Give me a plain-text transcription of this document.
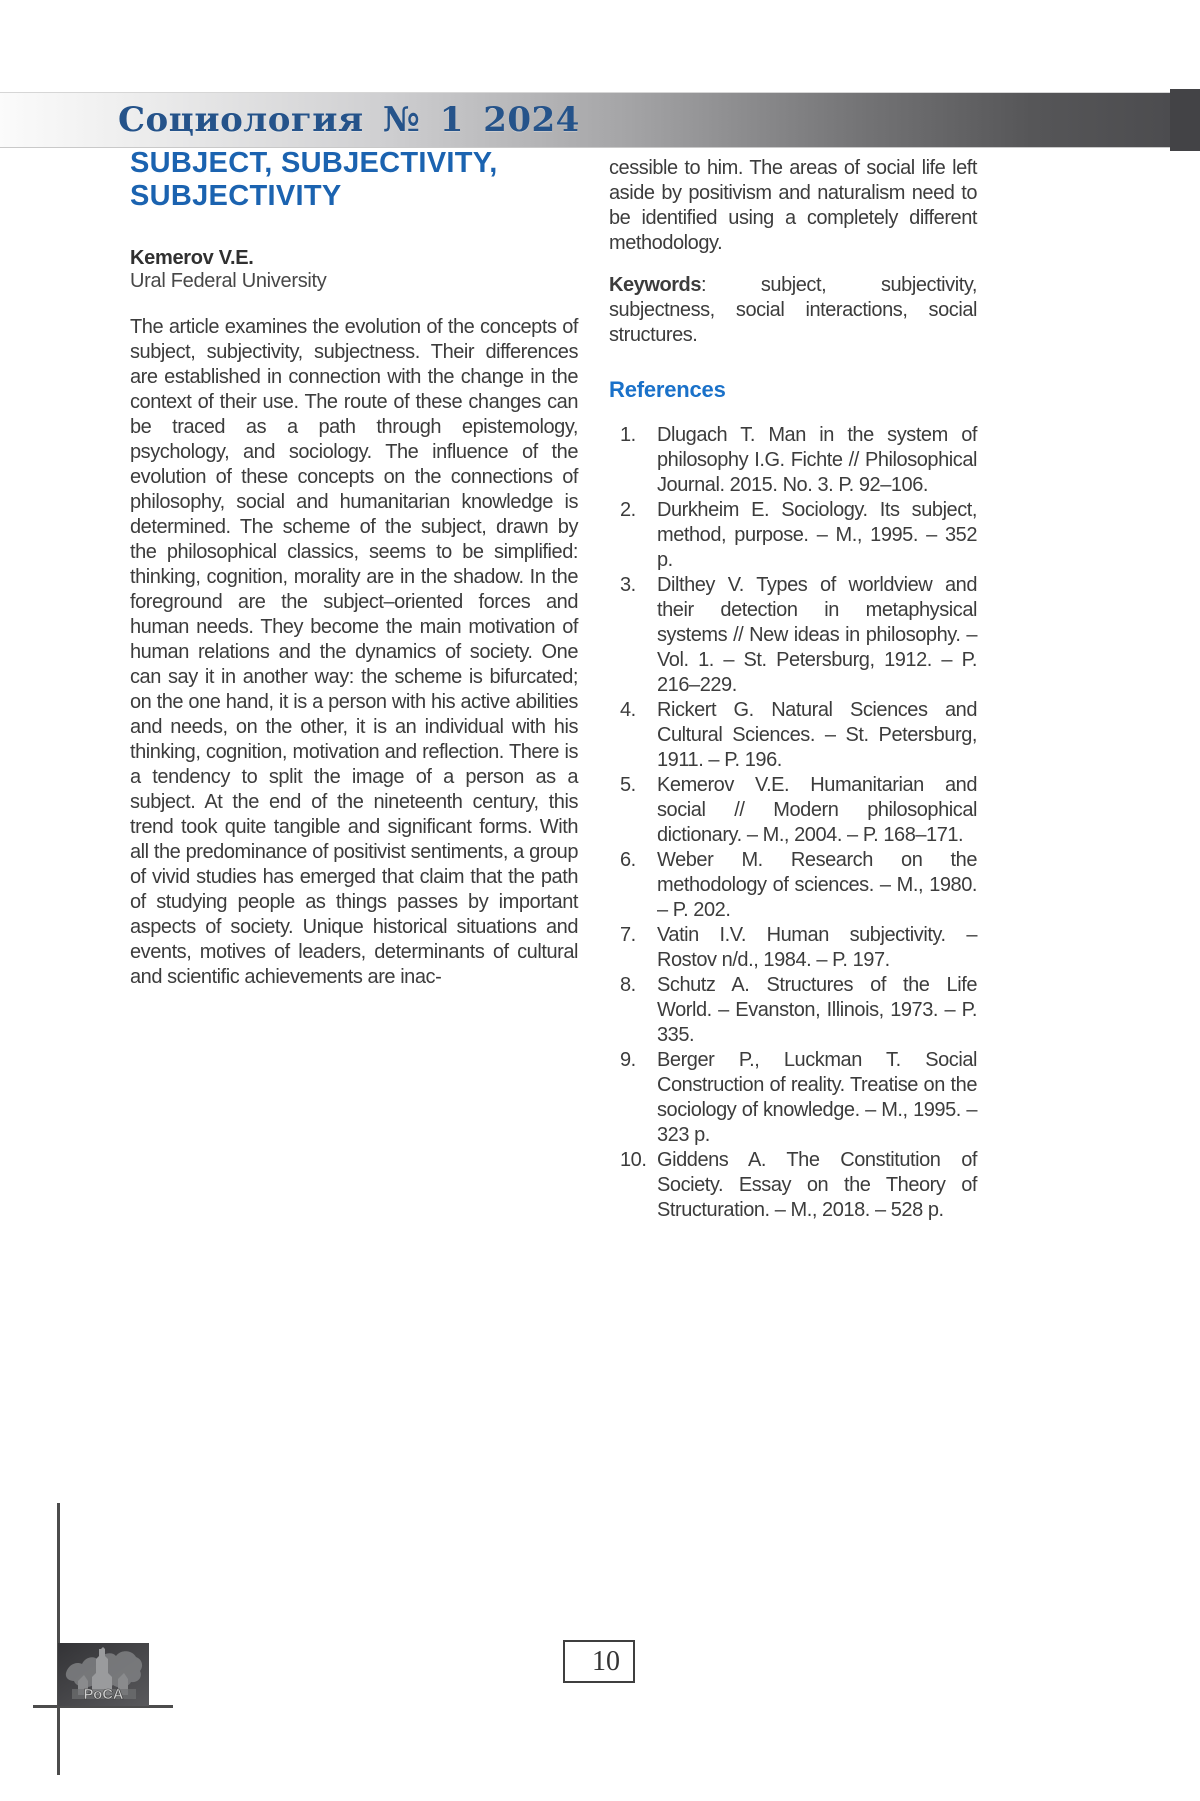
Социология № 1 2024
SUBJECT, SUBJECTIVITY,
SUBJECTIVITY
Kemerov V.E.
Ural Federal University

The article examines the evolution of the concepts of subject, subjectivity, subjectness. Their differences are established in connection with the change in the context of their use. The route of these changes can be traced as a path through epistemology, psychology, and sociology. The influence of the evolution of these concepts on the connections of philosophy, social and humanitarian knowledge is determined. The scheme of the subject, drawn by the philosophical classics, seems to be simplified: thinking, cognition, morality are in the shadow. In the foreground are the subject–oriented forces and human needs. They become the main motivation of human relations and the dynamics of society. One can say it in another way: the scheme is bifurcated; on the one hand, it is a person with his active abilities and needs, on the other, it is an individual with his thinking, cognition, motivation and reflection. There is a tendency to split the image of a person as a subject. At the end of the nineteenth century, this trend took quite tangible and significant forms. With all the predominance of positivist sentiments, a group of vivid studies has emerged that claim that the path of studying people as things passes by important aspects of society. Unique historical situations and events, motives of leaders, determinants of cultural and scientific achievements are inac-

cessible to him. The areas of social life left aside by positivism and naturalism need to be identified using a completely different methodology.

Keywords: subject, subjectivity, subjectness, social interactions, social structures.

References
1.	Dlugach T. Man in the system of philosophy I.G. Fichte // Philosophical Journal. 2015. No. 3. P. 92–106.
2.	Durkheim E. Sociology. Its subject, method, purpose. – M., 1995. – 352 p.
3.	Dilthey V. Types of worldview and their detection in metaphysical systems // New ideas in philosophy. – Vol. 1. – St. Petersburg, 1912. – P. 216–229.
4.	Rickert G. Natural Sciences and Cultural Sciences. – St. Petersburg, 1911. – P. 196.
5.	Kemerov V.E. Humanitarian and social // Modern philosophical dictionary. – M., 2004. – P. 168–171.
6.	Weber M. Research on the methodology of sciences. – M., 1980. – P. 202.
7.	Vatin I.V. Human subjectivity. – Rostov n/d., 1984. – P. 197.
8.	Schutz A. Structures of the Life World. – Evanston, Illinois, 1973. – P. 335.
9.	Berger P., Luckman T. Social Construction of reality. Treatise on the sociology of knowledge. – M., 1995. – 323 p.
10. Giddens A. The Constitution of Society. Essay on the Theory of Structuration. – M., 2018. – 528 p.
РоСА
10
